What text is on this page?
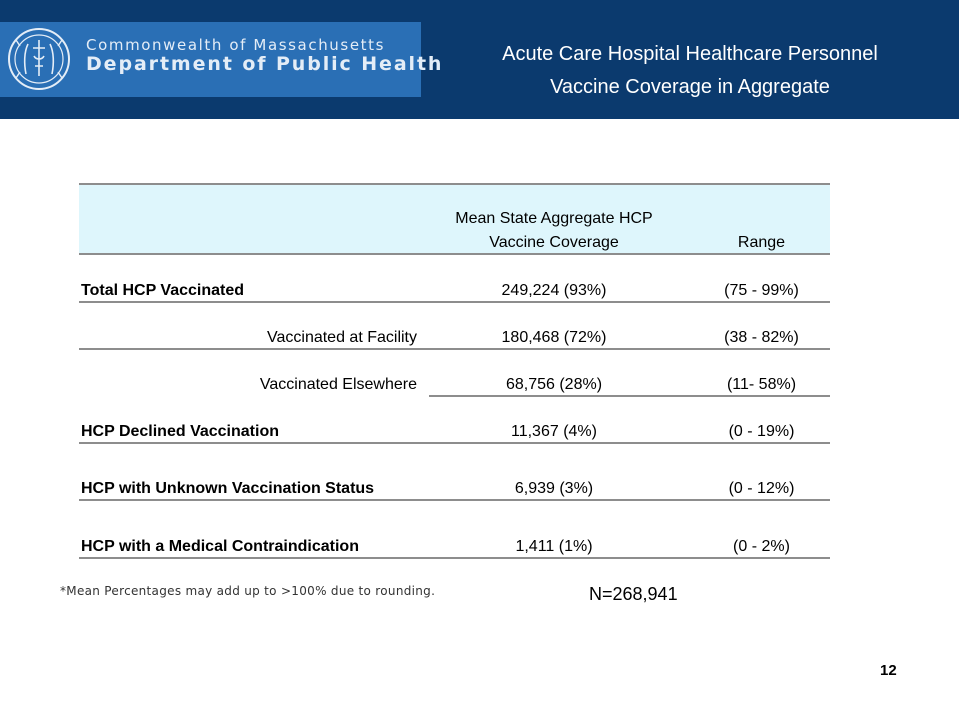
Commonwealth of Massachusetts
Department of Public Health	Acute Care Hospital Healthcare Personnel
Vaccine Coverage in Aggregate
Mean State Aggregate HCP
Vaccine Coverage	Range
Total HCP Vaccinated	249,224 (93%)	(75 - 99%)
Vaccinated at Facility	180,468 (72%)	(38 - 82%)
Vaccinated Elsewhere	68,756 (28%)	(11- 58%)
HCP Declined Vaccination	11,367 (4%)	(0 - 19%)
HCP with Unknown Vaccination Status	6,939 (3%)	(0 - 12%)
HCP with a Medical Contraindication	1,411 (1%)	(0 - 2%)
*Mean Percentages may add up to >100% due to rounding.	N=268,941
12
